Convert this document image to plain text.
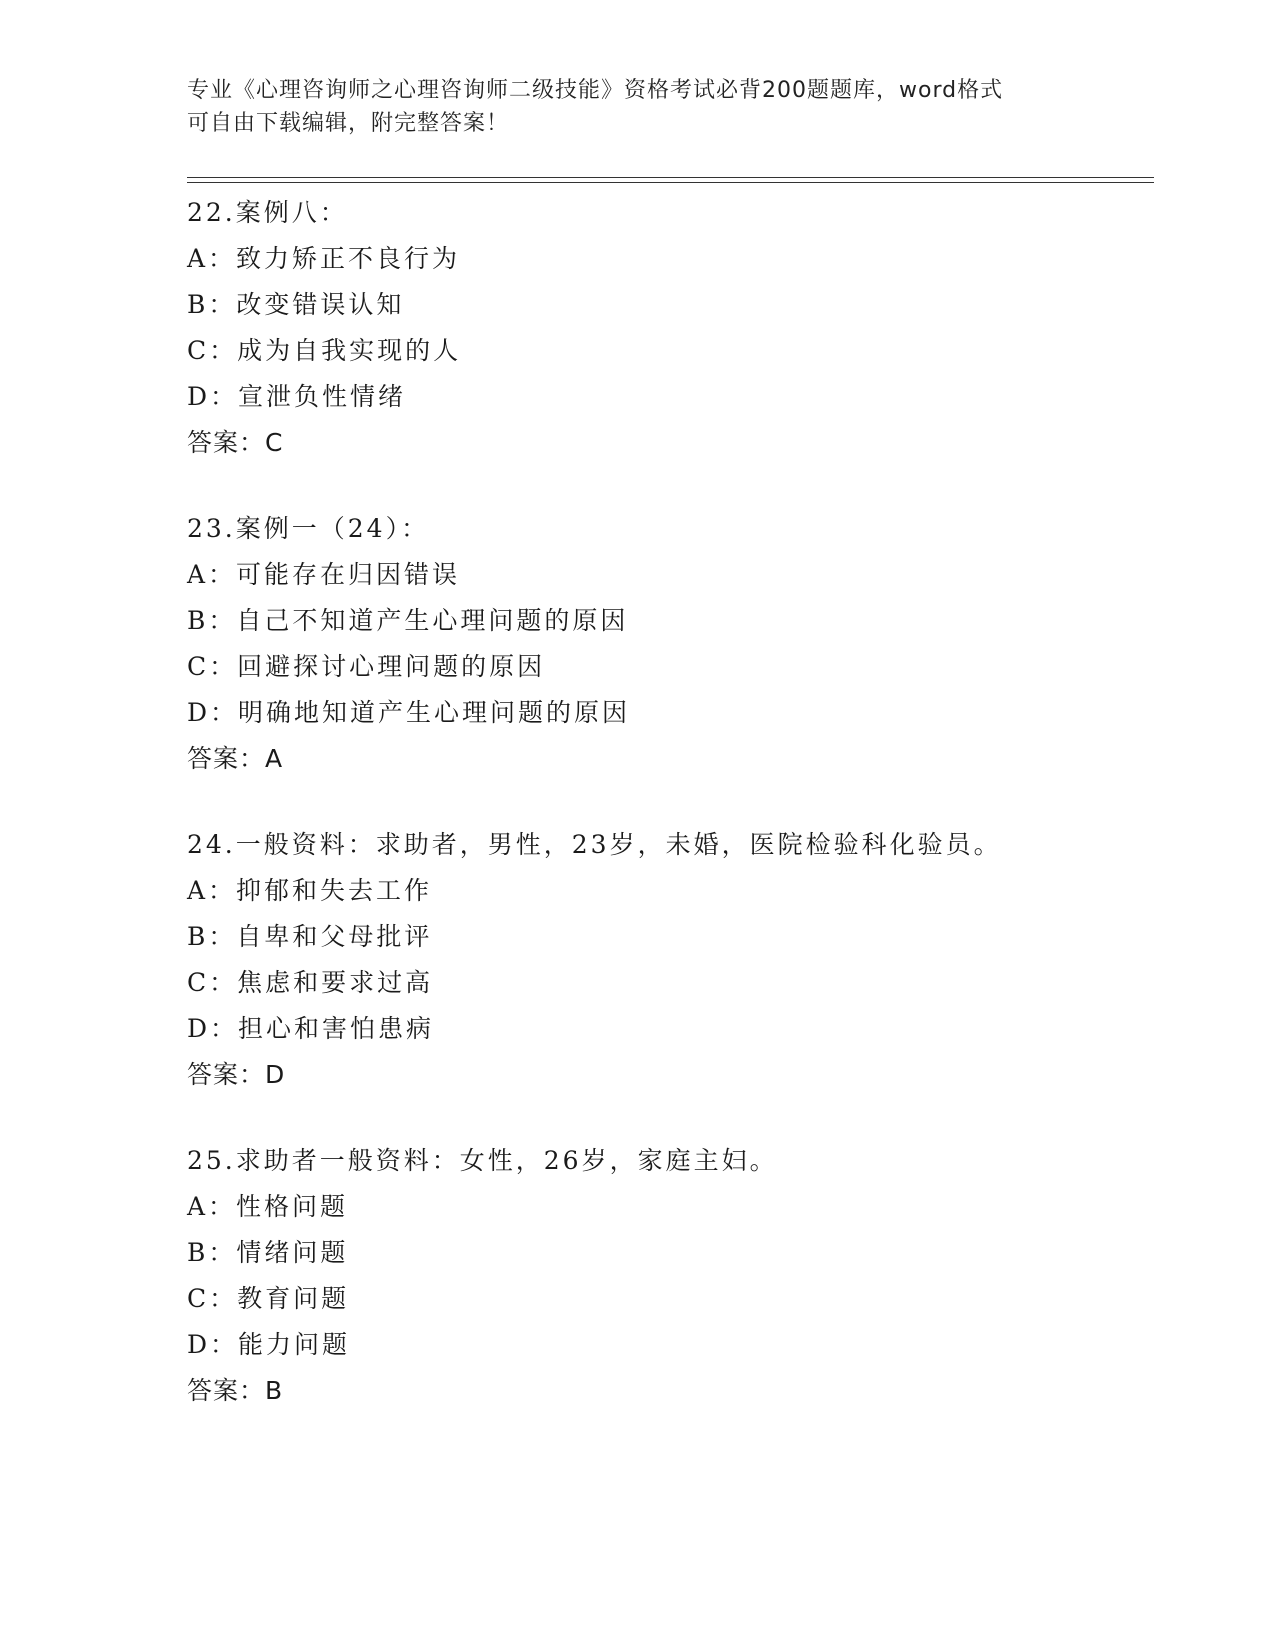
专业《心理咨询师之心理咨询师二级技能》资格考试必背200题题库，word格式
可自由下载编辑，附完整答案！
22.案例八：
A：致力矫正不良行为
B：改变错误认知
C：成为自我实现的人
D：宣泄负性情绪
答案：C
23.案例一（24）：
A：可能存在归因错误
B：自己不知道产生心理问题的原因
C：回避探讨心理问题的原因
D：明确地知道产生心理问题的原因
答案：A
24.一般资料：求助者，男性，23岁，未婚，医院检验科化验员。
A：抑郁和失去工作
B：自卑和父母批评
C：焦虑和要求过高
D：担心和害怕患病
答案：D
25.求助者一般资料：女性，26岁，家庭主妇。
A：性格问题
B：情绪问题
C：教育问题
D：能力问题
答案：B
